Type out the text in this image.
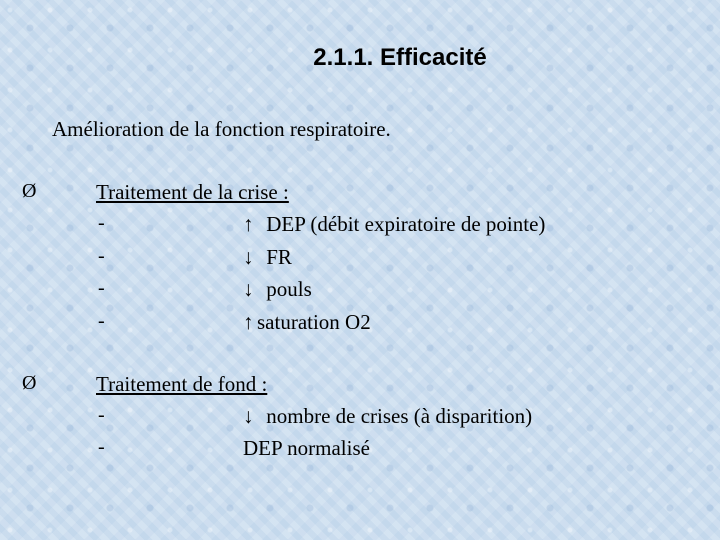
2.1.1. Efficacité
Amélioration de la fonction respiratoire.
Ø	Traitement de la crise :
-	↑ DEP (débit expiratoire de pointe)
-	↓ FR
-	↓ pouls
-	↑ saturation O2
Ø	Traitement de fond :
-	↓ nombre de crises (à disparition)
-	DEP normalisé
